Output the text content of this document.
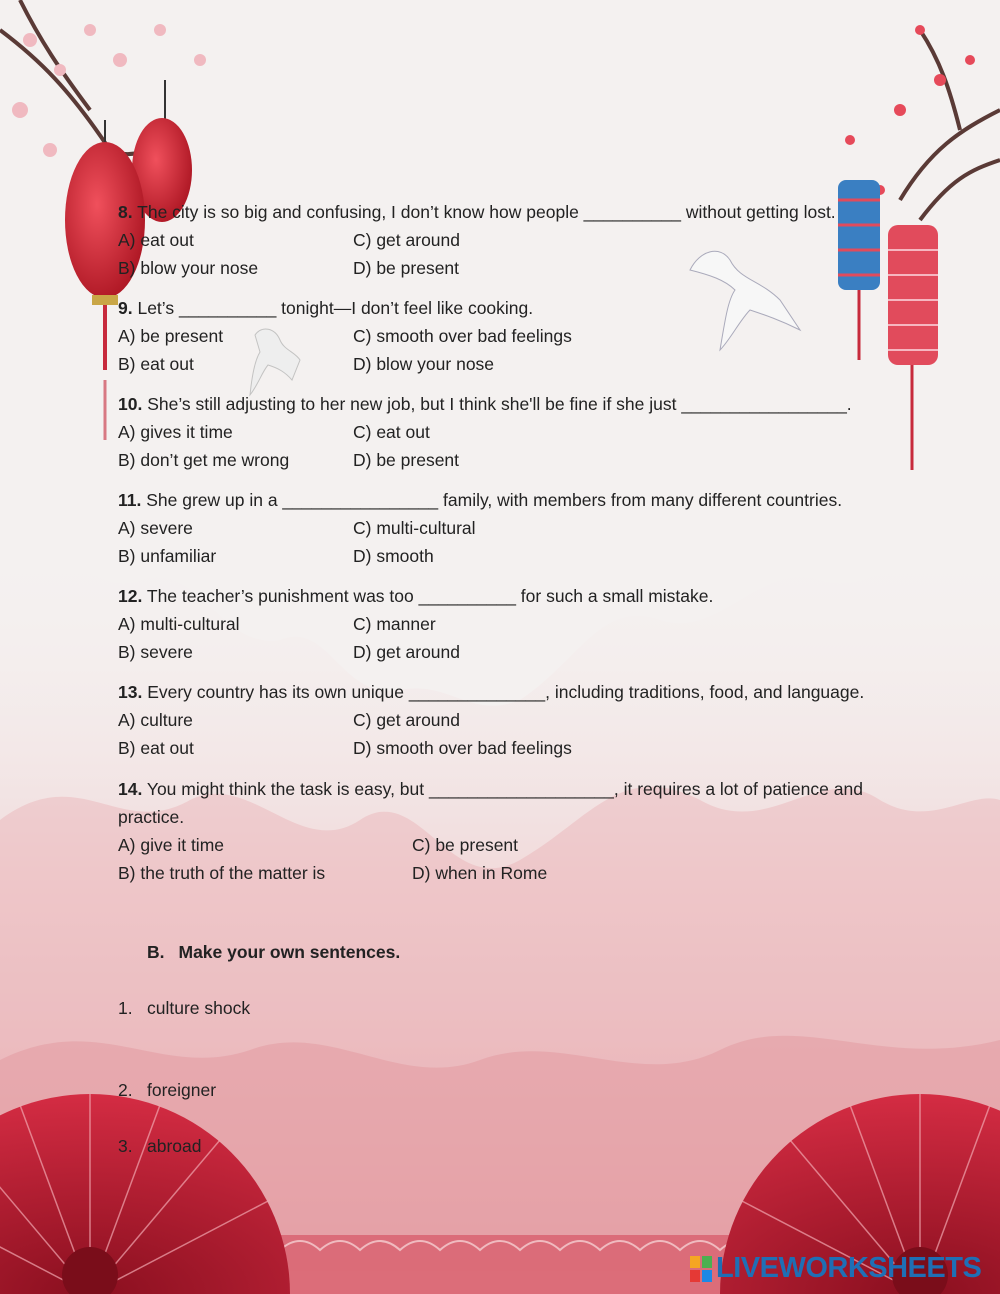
8. The city is so big and confusing, I don’t know how people __________ without getting lost.
A) eat out
B) blow your nose
C) get around
D) be present
9. Let’s __________ tonight—I don’t feel like cooking.
A) be present
B) eat out
C) smooth over bad feelings
D) blow your nose
10. She’s still adjusting to her new job, but I think she'll be fine if she just _________________.
A) gives it time
B) don’t get me wrong
C) eat out
D) be present
11. She grew up in a ________________ family, with members from many different countries.
A) severe
B) unfamiliar
C) multi-cultural
D) smooth
12. The teacher’s punishment was too __________ for such a small mistake.
A) multi-cultural
B) severe
C) manner
D) get around
13. Every country has its own unique ______________, including traditions, food, and language.
A) culture
B) eat out
C) get around
D) smooth over bad feelings
14. You might think the task is easy, but ___________________, it requires a lot of patience and practice.
A) give it time
B) the truth of the matter is
C) be present
D) when in Rome
B. Make your own sentences.
1. culture shock
2. foreigner
3. abroad
LIVEWORKSHEETS
